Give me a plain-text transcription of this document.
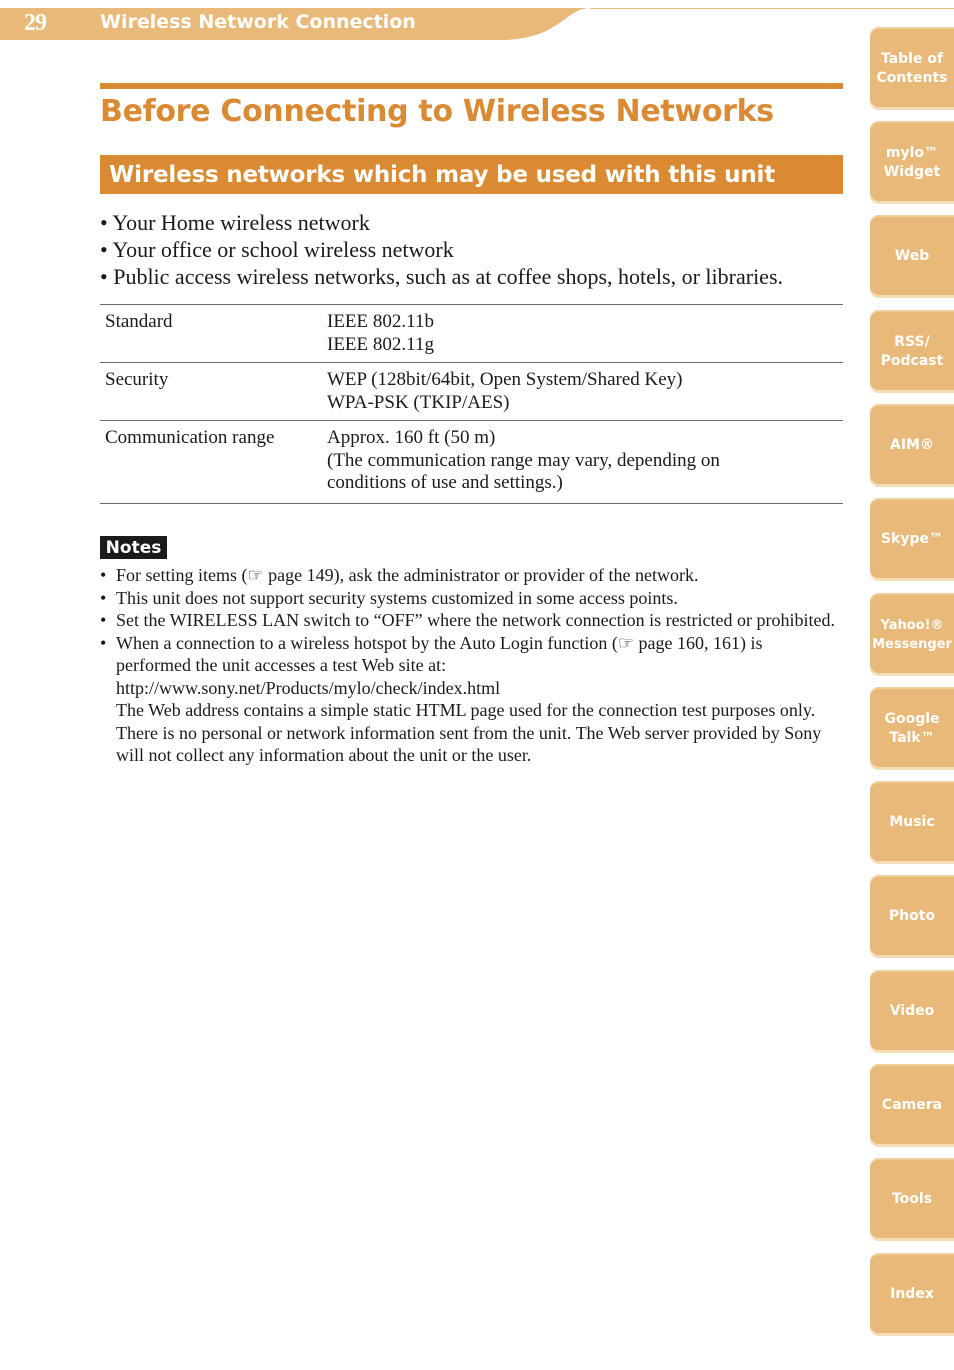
29	Wireless Network Connection
Before Connecting to Wireless Networks
Wireless networks which may be used with this unit
• Your Home wireless network
• Your office or school wireless network
• Public access wireless networks, such as at coffee shops, hotels, or libraries.
Standard	IEEE 802.11b
IEEE 802.11g

Security	WEP (128bit/64bit, Open System/Shared Key)
WPA-PSK (TKIP/AES)

Communication range	Approx. 160 ft (50 m)
(The communication range may vary, depending on
conditions of use and settings.)
Notes
• For setting items (☞ page 149), ask the administrator or provider of the network.
• This unit does not support security systems customized in some access points.
• Set the WIRELESS LAN switch to “OFF” where the network connection is restricted or prohibited.
• When a connection to a wireless hotspot by the Auto Login function (☞ page 160, 161) is performed the unit accesses a test Web site at:
http://www.sony.net/Products/mylo/check/index.html
The Web address contains a simple static HTML page used for the connection test purposes only. There is no personal or network information sent from the unit. The Web server provided by Sony will not collect any information about the unit or the user.
Table of
Contents
mylo™
Widget
Web
RSS/
Podcast
AIM®
Skype™
Yahoo!®
Messenger
Google
Talk™
Music
Photo
Video
Camera
Tools
Index
